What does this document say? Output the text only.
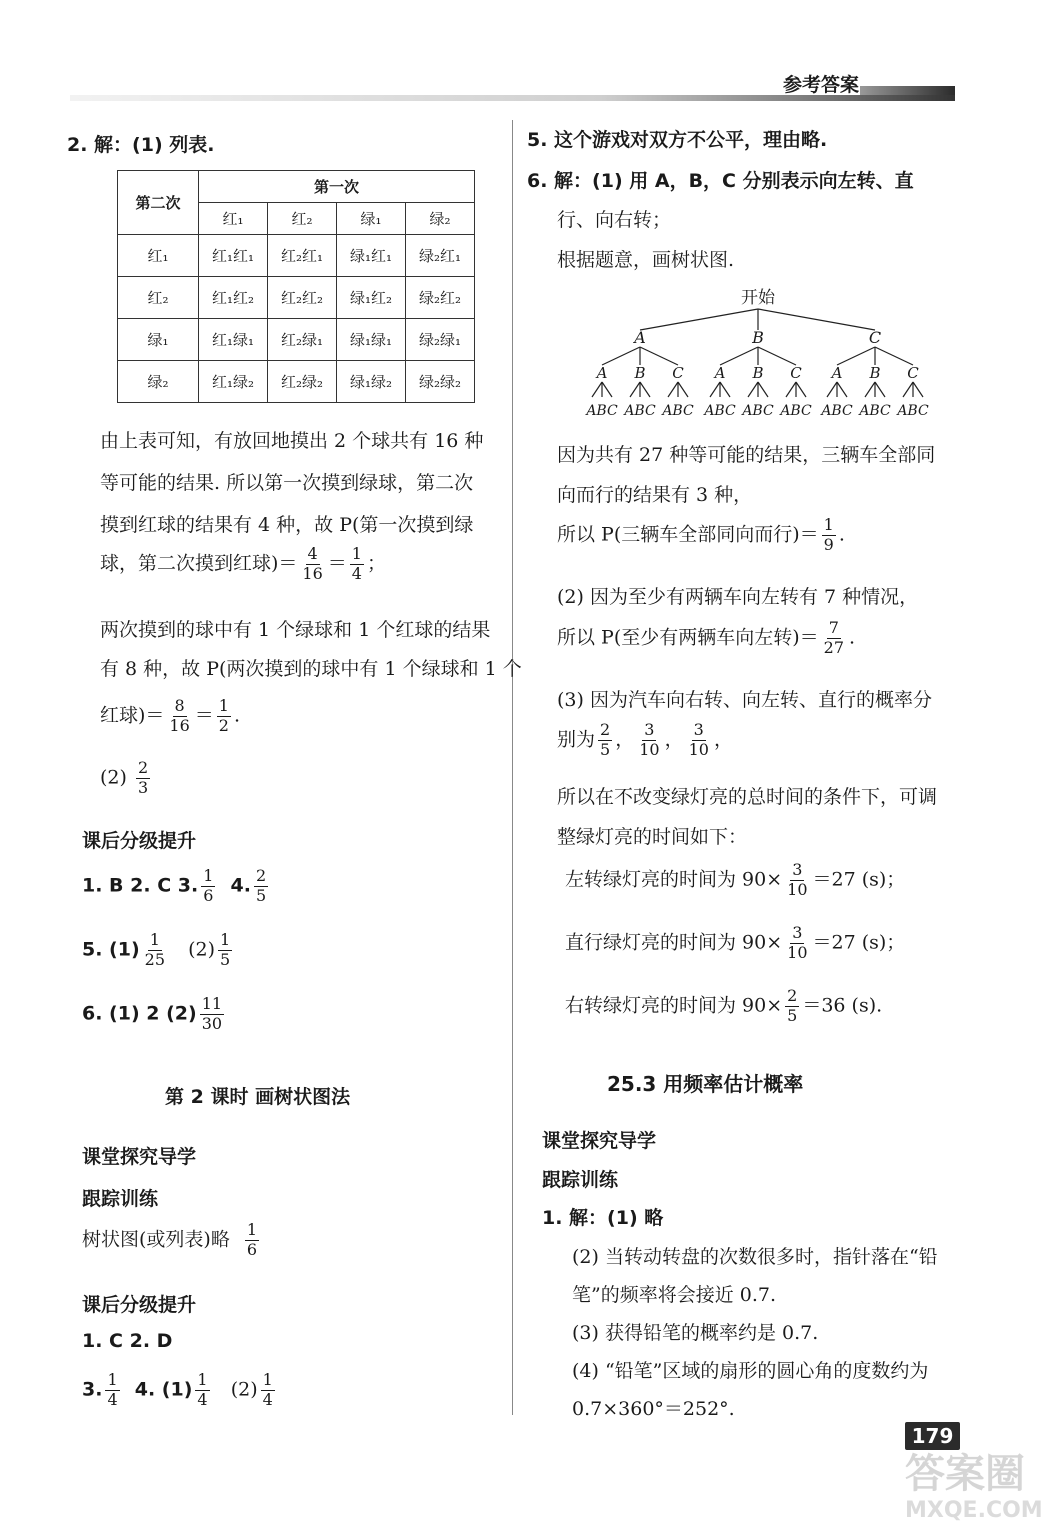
参考答案
2. 解：(1) 列表.
第二次	第一次			
	红₁	红₂	绿₁	绿₂
红₁	红₁红₁	红₂红₁	绿₁红₁	绿₂红₁
红₂	红₁红₂	红₂红₂	绿₁红₂	绿₂红₂
绿₁	红₁绿₁	红₂绿₁	绿₁绿₁	绿₂绿₁
绿₂	红₁绿₂	红₂绿₂	绿₁绿₂	绿₂绿₂
由上表可知，有放回地摸出 2 个球共有 16 种
等可能的结果. 所以第一次摸到绿球，第二次
摸到红球的结果有 4 种，故 P(第一次摸到绿
球，第二次摸到红球)＝ $\frac{4}{16} = \frac{1}{4}$ ；
两次摸到的球中有 1 个绿球和 1 个红球的结果
有 8 种，故 P(两次摸到的球中有 1 个绿球和 1 个
红球)＝ $\frac{8}{16} = \frac{1}{2}$ .
$(2) \frac{2}{3}$
课后分级提升
1. B 2. C 3. $\frac{1}{6} 4$. $\frac{2}{5}$
5. $(1) \frac{1}{25} (2) \frac{1}{5}$
6. (1) 2 $(2) \frac{11}{30}$
第 2 课时 画树状图法
课堂探究导学
跟踪训练
树状图(或列表)略 $\frac{1}{6}$
课后分级提升
1. C 2. D
3. $\frac{1}{4} 4$. $(1) \frac{1}{4} (2) \frac{1}{4}$
5. 这个游戏对双方不公平，理由略.
6. 解：(1) 用 A，B，C 分别表示向左转、直
行、向右转；
根据题意，画树状图.
开始
A
A
ABC
B
ABC
C
ABC
B
A
ABC
B
ABC
C
ABC
C
A
ABC
B
ABC
C
ABC
因为共有 27 种等可能的结果，三辆车全部同
向而行的结果有 3 种，
所以 P(三辆车全部同向而行)＝ $\frac{1}{9}$ .
(2) 因为至少有两辆车向左转有 7 种情况，
所以 P(至少有两辆车向左转)＝ $\frac{7}{27}$ .
(3) 因为汽车向右转、向左转、直行的概率分
别为 $\frac{2}{5}$ ， $\frac{3}{10}$ ， $\frac{3}{10}$ ，
所以在不改变绿灯亮的总时间的条件下，可调
整绿灯亮的时间如下：
左转绿灯亮的时间为 $90\times \frac{3}{10} =27$ (s)；
直行绿灯亮的时间为 $90\times \frac{3}{10} =27$ (s)；
右转绿灯亮的时间为 $90\times \frac{2}{5} =36$ (s).
25.3 用频率估计概率
课堂探究导学
跟踪训练
1. 解：(1) 略
(2) 当转动转盘的次数很多时，指针落在“铅
笔”的频率将会接近 0.7.
(3) 获得铅笔的概率约是 0.7.
(4) “铅笔”区域的扇形的圆心角的度数约为
0.7×360°＝252°.
179
答案圈
MXQE.COM
